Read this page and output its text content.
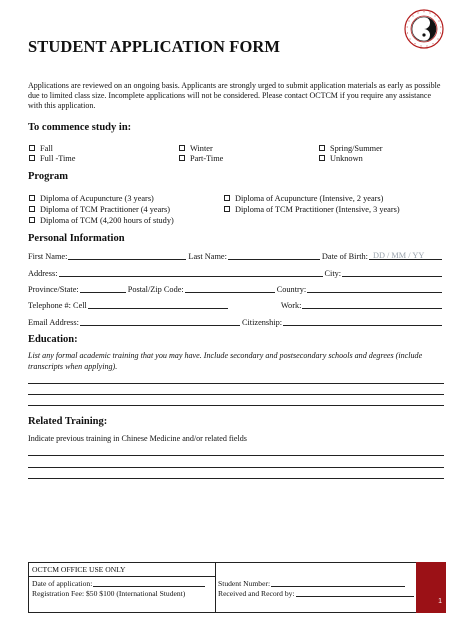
STUDENT APPLICATION FORM
Applications are reviewed on an ongoing basis. Applicants are strongly urged to submit application materials as early as possible due to limited class size. Incomplete applications will not be considered. Please contact OCTCM if you require any assistance with this application.
To commence study in:
Fall	Winter	Spring/Summer
Full -Time	Part-Time	Unknown
Program
Diploma of Acupuncture (3 years)	Diploma of Acupuncture (Intensive, 2 years)
Diploma of TCM Practitioner (4 years)	Diploma of TCM Practitioner (Intensive, 3 years)
Diploma of TCM (4,200 hours of study)
Personal Information
First Name:	Last Name:	Date of Birth: DD / MM / YY
Address:	City:
Province/State:	Postal/Zip Code:	Country:
Telephone #: Cell	Work:
Email Address:	Citizenship:
Education:
List any formal academic training that you may have. Include secondary and postsecondary schools and degrees (include transcripts when applying).
Related Training:
Indicate previous training in Chinese Medicine and/or related fields
OCTCM OFFICE USE ONLY
Date of application:
Registration Fee: $50 $100 (International Student)
Student Number:
Received and Record by:
1
